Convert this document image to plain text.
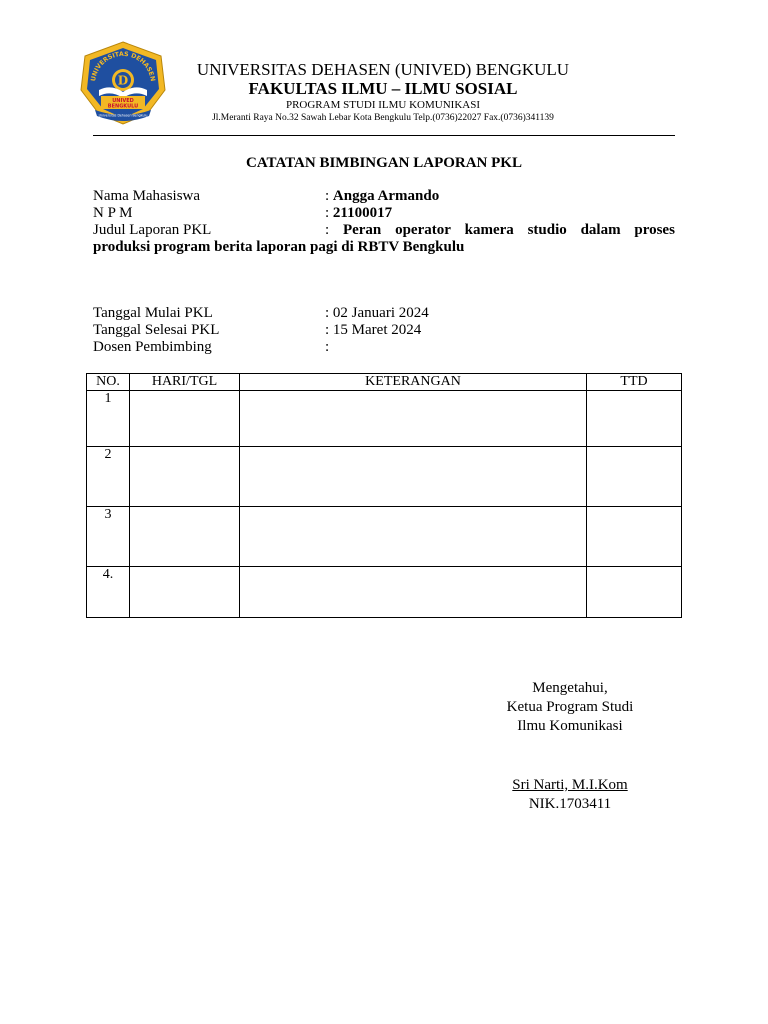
UNIVERSITAS DEHASEN
D
UNIVED
BENGKULU
Universitas Dehasen Bengkulu
UNIVERSITAS DEHASEN (UNIVED) BENGKULU
FAKULTAS ILMU – ILMU SOSIAL
PROGRAM STUDI ILMU KOMUNIKASI
Jl.Meranti Raya No.32 Sawah Lebar Kota Bengkulu Telp.(0736)22027 Fax.(0736)341139
CATATAN BIMBINGAN LAPORAN PKL
Nama Mahasiswa	: Angga Armando
N P M	: 21100017
Judul Laporan PKL	: Peran operator kamera studio dalam proses
produksi program berita laporan pagi di RBTV Bengkulu
Tanggal Mulai PKL	: 02 Januari 2024
Tanggal Selesai PKL	: 15 Maret 2024
Dosen Pembimbing	:
NO.	HARI/TGL	KETERANGAN	TTD
1			
2			
3			
4.			
Mengetahui,
Ketua Program Studi
Ilmu Komunikasi
Sri Narti, M.I.Kom
NIK.1703411
